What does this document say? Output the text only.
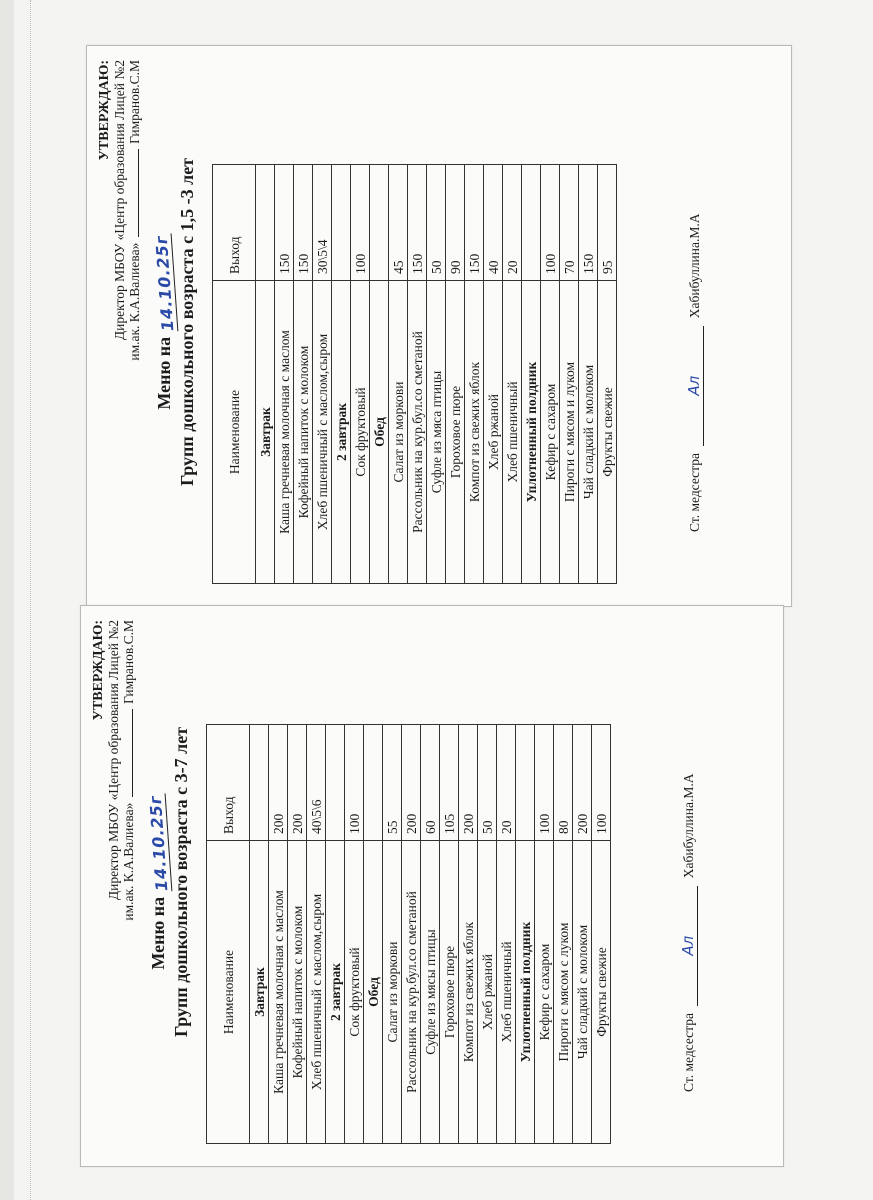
УТВЕРЖДАЮ: Директор МБОУ «Центр образования Лицей №2 им.ак. К.А.Валиева»  Гимранов.С.М
Меню на 14.10.25г Групп дошкольного возраста с 1,5 -3 лет Наименование	Выход
Завтрак	
Каша гречневая молочная с маслом	150
Кофейный напиток с молоком	150
Хлеб пшеничный с маслом,сыром	30\5\4
2 завтрак	
Сок фруктовый	100
Обед	
Салат из моркови	45
Рассольник на кур.бул.со сметаной	150
Суфле из мяса птицы	50
Гороховое пюре	90
Компот из свежих яблок	150
Хлеб ржаной	40
Хлеб пшеничный	20
Уплотненный полдник	
Кефир с сахаром	100
Пироги с мясом и луком	70
Чай сладкий с молоком	150
Фрукты свежие	95
Ст. медсестра Ал Хабибуллина.М.А
УТВЕРЖДАЮ: Директор МБОУ «Центр образования Лицей №2 им.ак. К.А.Валиева»  Гимранов.С.М
Меню на 14.10.25г Групп дошкольного возраста с 3-7 лет Наименование	Выход
Завтрак	
Каша гречневая молочная с маслом	200
Кофейный напиток с молоком	200
Хлеб пшеничный с маслом,сыром	40\5\6
2 завтрак	
Сок фруктовый	100
Обед	
Салат из моркови	55
Рассольник на кур.бул.со сметаной	200
Суфле из мясы птицы	60
Гороховое пюре	105
Компот из свежих яблок	200
Хлеб ржаной	50
Хлеб пшеничный	20
Уплотненный полдник	
Кефир с сахаром	100
Пироги с мясом с луком	80
Чай сладкий с молоком	200
Фрукты свежие	100
Ст. медсестра Ал Хабибуллина.М.А
